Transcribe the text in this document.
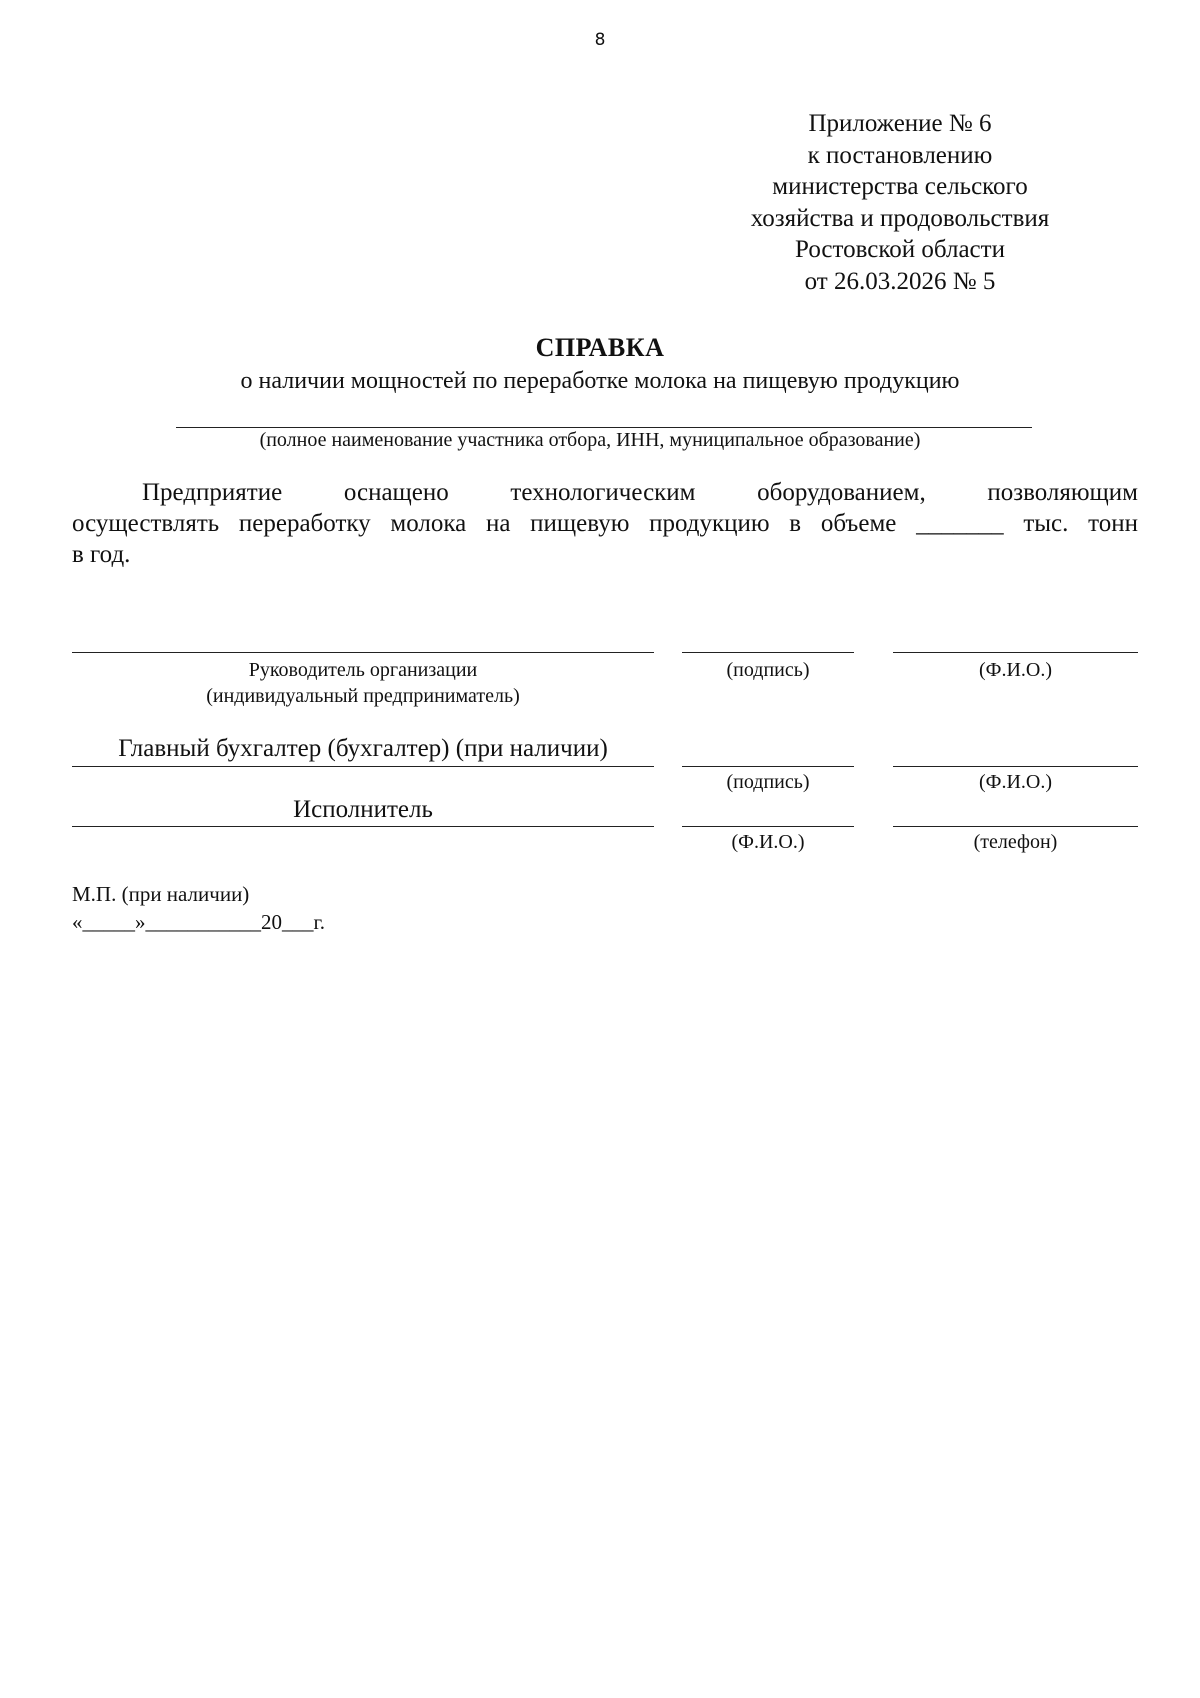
8
Приложение № 6
к постановлению
министерства сельского
хозяйства и продовольствия
Ростовской области
от 26.03.2026 № 5
СПРАВКА
о наличии мощностей по переработке молока на пищевую продукцию
(полное наименование участника отбора, ИНН, муниципальное образование)
Предприятие оснащено технологическим оборудованием, позволяющим
осуществлять переработку молока на пищевую продукцию в объеме _______ тыс. тонн
в год.
Руководитель организации
(индивидуальный предприниматель)
(подпись)	(Ф.И.О.)
Главный бухгалтер (бухгалтер) (при наличии)
(подпись)	(Ф.И.О.)
Исполнитель
(Ф.И.О.)	(телефон)
М.П. (при наличии)
«_____»___________20___г.
